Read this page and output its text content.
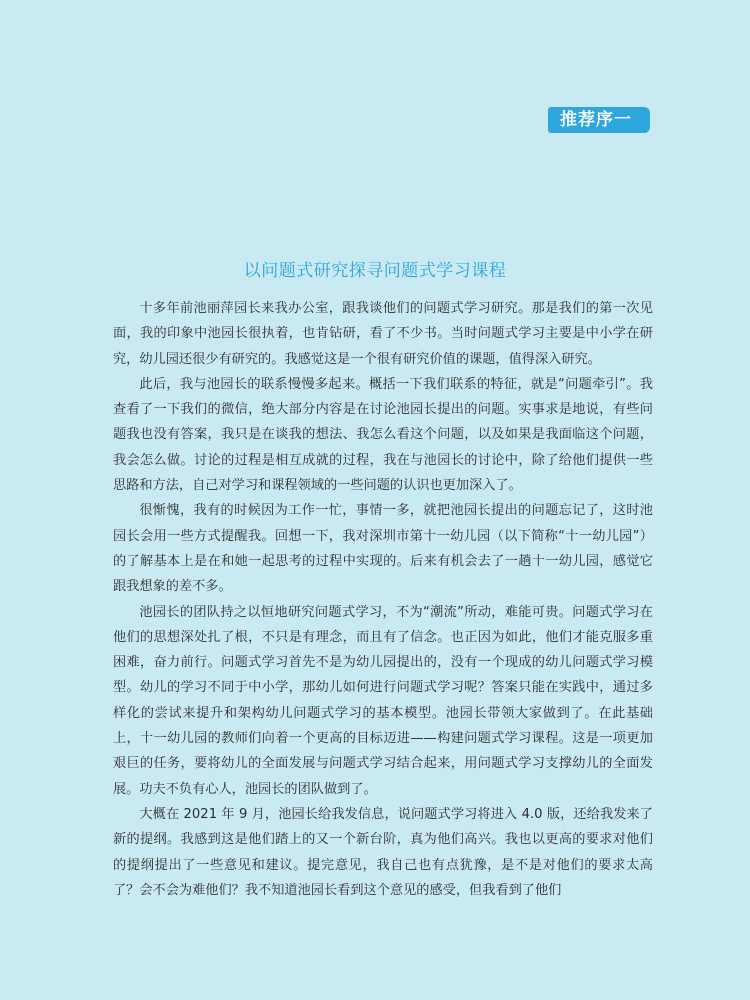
推荐序一
以问题式研究探寻问题式学习课程

十多年前池丽萍园长来我办公室，跟我谈他们的问题式学习研究。那是我们的第一次见面，我的印象中池园长很执着，也肯钻研，看了不少书。当时问题式学习主要是中小学在研究，幼儿园还很少有研究的。我感觉这是一个很有研究价值的课题，值得深入研究。

此后，我与池园长的联系慢慢多起来。概括一下我们联系的特征，就是“问题牵引”。我查看了一下我们的微信，绝大部分内容是在讨论池园长提出的问题。实事求是地说，有些问题我也没有答案，我只是在谈我的想法、我怎么看这个问题，以及如果是我面临这个问题，我会怎么做。讨论的过程是相互成就的过程，我在与池园长的讨论中，除了给他们提供一些思路和方法，自己对学习和课程领域的一些问题的认识也更加深入了。

很惭愧，我有的时候因为工作一忙，事情一多，就把池园长提出的问题忘记了，这时池园长会用一些方式提醒我。回想一下，我对深圳市第十一幼儿园（以下简称“十一幼儿园”）的了解基本上是在和她一起思考的过程中实现的。后来有机会去了一趟十一幼儿园，感觉它跟我想象的差不多。

池园长的团队持之以恒地研究问题式学习，不为“潮流”所动，难能可贵。问题式学习在他们的思想深处扎了根，不只是有理念，而且有了信念。也正因为如此，他们才能克服多重困难，奋力前行。问题式学习首先不是为幼儿园提出的，没有一个现成的幼儿问题式学习模型。幼儿的学习不同于中小学，那幼儿如何进行问题式学习呢？答案只能在实践中，通过多样化的尝试来提升和架构幼儿问题式学习的基本模型。池园长带领大家做到了。在此基础上，十一幼儿园的教师们向着一个更高的目标迈进——构建问题式学习课程。这是一项更加艰巨的任务，要将幼儿的全面发展与问题式学习结合起来，用问题式学习支撑幼儿的全面发展。功夫不负有心人，池园长的团队做到了。

大概在 2021 年 9 月，池园长给我发信息，说问题式学习将进入 4.0 版，还给我发来了新的提纲。我感到这是他们踏上的又一个新台阶，真为他们高兴。我也以更高的要求对他们的提纲提出了一些意见和建议。提完意见，我自己也有点犹豫，是不是对他们的要求太高了？会不会为难他们？我不知道池园长看到这个意见的感受，但我看到了他们
